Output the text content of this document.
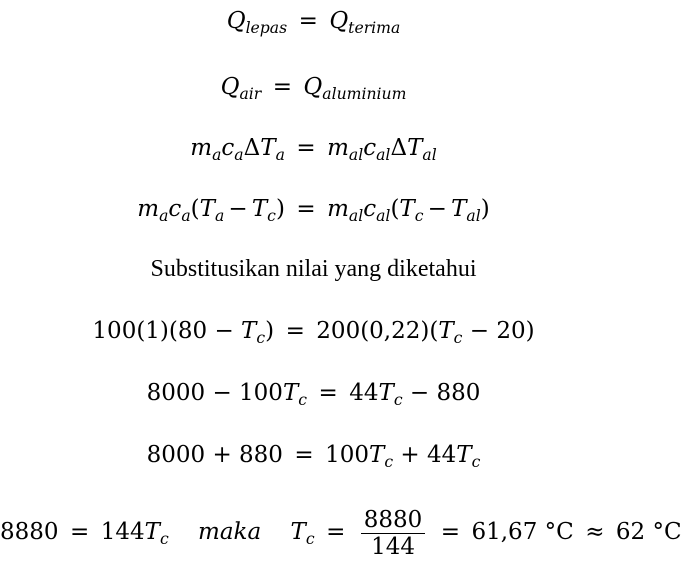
$Q_{lepas} = Q_{terima}$
$Q_{air} = Q_{aluminium}$
$m_ac_a\Delta T_a = m_{al}c_{al}\Delta T_{al}$
$m_ac_a(T_a - T_c) = m_{al}c_{al}(T_c - T_{al})$
Substitusikan nilai yang diketahui
$100(1)(80 - T_c) = 200(0,22)(T_c - 20)$
$8000 - 100T_c = 44T_c - 880$
$8000 + 880 = 100T_c + 44T_c$
$8880 = 144T_c$ maka $T_c = \frac{8880}{144} = 61,67$ °C ≈ 62 °C
